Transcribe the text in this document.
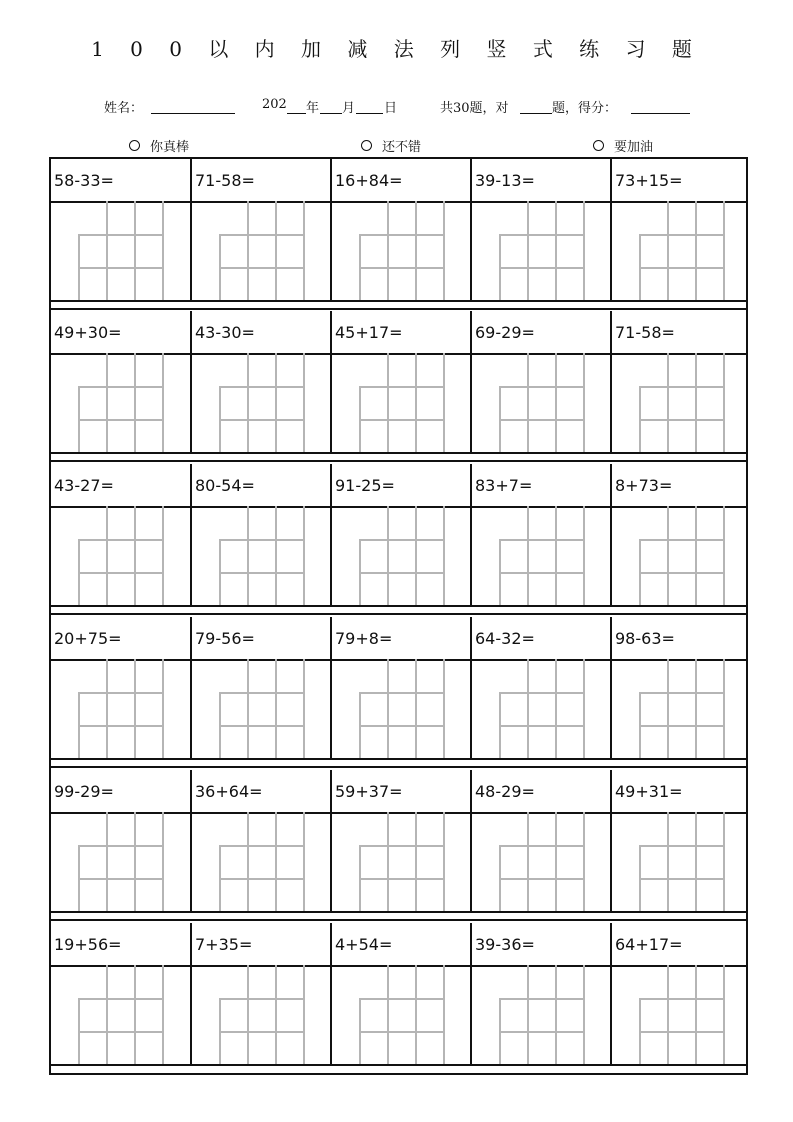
1 0 0 以 内 加 减 法 列 竖 式 练 习 题
姓名：	202 年 月 日	共30题，对	题，得分：
你真棒	还不错	要加油
58-33=	71-58=	16+84=	39-13=	73+15=
49+30=	43-30=	45+17=	69-29=	71-58=
43-27=	80-54=	91-25=	83+7=	8+73=
20+75=	79-56=	79+8=	64-32=	98-63=
99-29=	36+64=	59+37=	48-29=	49+31=
19+56=	7+35=	4+54=	39-36=	64+17=
